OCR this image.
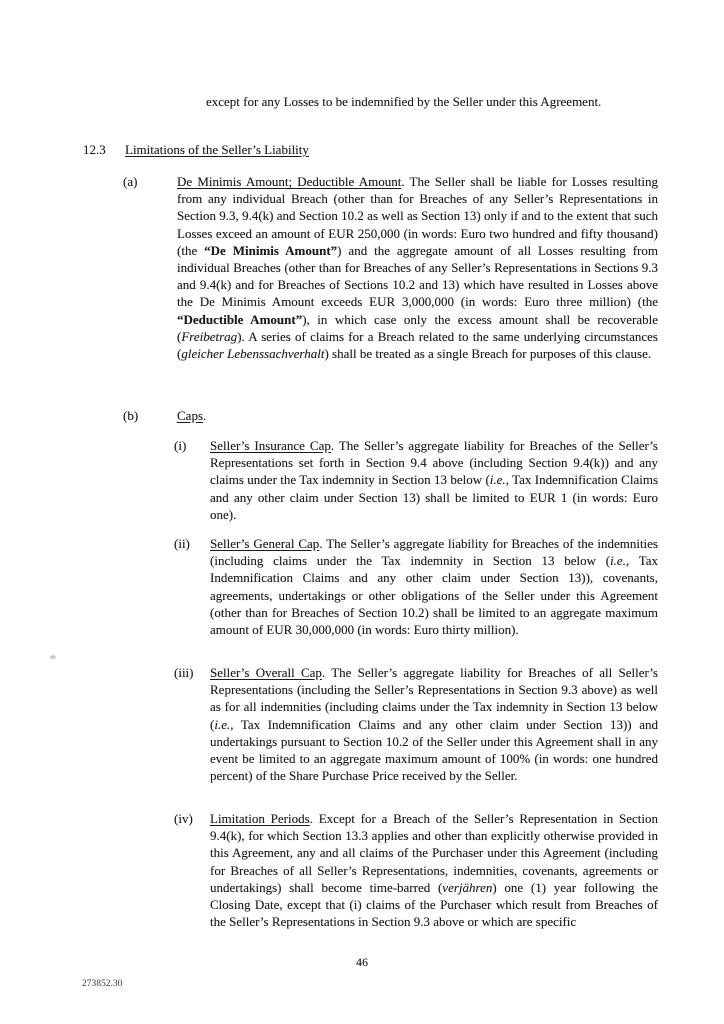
except for any Losses to be indemnified by the Seller under this Agreement.

12.3 Limitations of the Seller’s Liability
(a)	De Minimis Amount; Deductible Amount. The Seller shall be liable for Losses resulting from any individual Breach (other than for Breaches of any Seller’s Representations in Section 9.3, 9.4(k) and Section 10.2 as well as Section 13) only if and to the extent that such Losses exceed an amount of EUR 250,000 (in words: Euro two hundred and fifty thousand) (the “De Minimis Amount”) and the aggregate amount of all Losses resulting from individual Breaches (other than for Breaches of any Seller’s Representations in Sections 9.3 and 9.4(k) and for Breaches of Sections 10.2 and 13) which have resulted in Losses above the De Minimis Amount exceeds EUR 3,000,000 (in words: Euro three million) (the “Deductible Amount”), in which case only the excess amount shall be recoverable (Freibetrag). A series of claims for a Breach related to the same underlying circumstances (gleicher Lebenssachverhalt) shall be treated as a single Breach for purposes of this clause.

(b)	Caps.

(i) Seller’s Insurance Cap. The Seller’s aggregate liability for Breaches of the Seller’s Representations set forth in Section 9.4 above (including Section 9.4(k)) and any claims under the Tax indemnity in Section 13 below (i.e., Tax Indemnification Claims and any other claim under Section 13) shall be limited to EUR 1 (in words: Euro one).

(ii) Seller’s General Cap. The Seller’s aggregate liability for Breaches of the indemnities (including claims under the Tax indemnity in Section 13 below (i.e., Tax Indemnification Claims and any other claim under Section 13)), covenants, agreements, undertakings or other obligations of the Seller under this Agreement (other than for Breaches of Section 10.2) shall be limited to an aggregate maximum amount of EUR 30,000,000 (in words: Euro thirty million).

(iii) Seller’s Overall Cap. The Seller’s aggregate liability for Breaches of all Seller’s Representations (including the Seller’s Representations in Section 9.3 above) as well as for all indemnities (including claims under the Tax indemnity in Section 13 below (i.e., Tax Indemnification Claims and any other claim under Section 13)) and undertakings pursuant to Section 10.2 of the Seller under this Agreement shall in any event be limited to an aggregate maximum amount of 100% (in words: one hundred percent) of the Share Purchase Price received by the Seller.

(iv) Limitation Periods. Except for a Breach of the Seller’s Representation in Section 9.4(k), for which Section 13.3 applies and other than explicitly otherwise provided in this Agreement, any and all claims of the Purchaser under this Agreement (including for Breaches of all Seller’s Representations, indemnities, covenants, agreements or undertakings) shall become time-barred (verjähren) one (1) year following the Closing Date, except that (i) claims of the Purchaser which result from Breaches of the Seller’s Representations in Section 9.3 above or which are specific

46
273852.30
